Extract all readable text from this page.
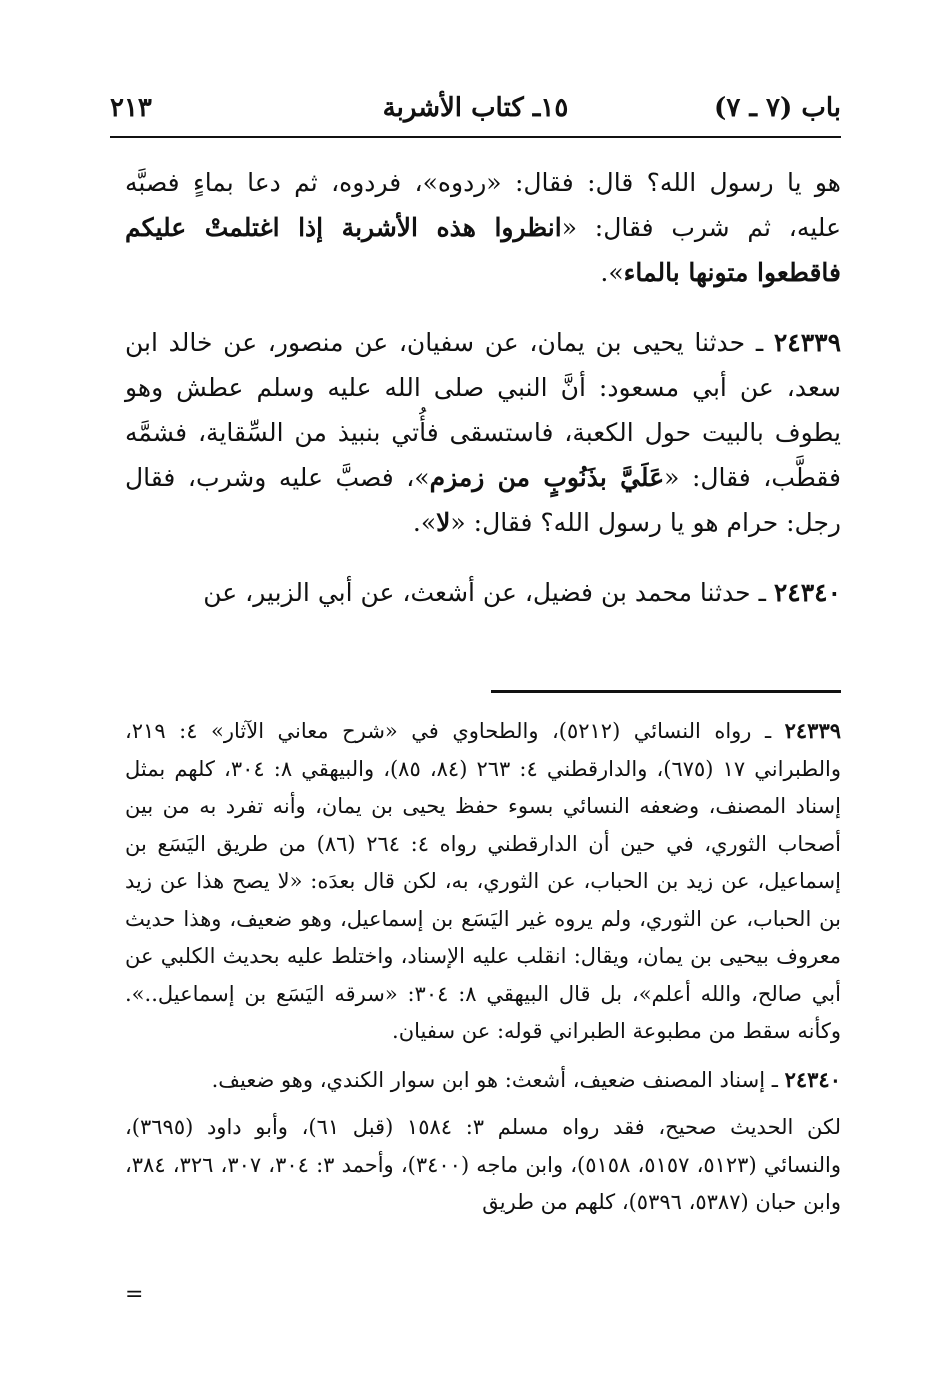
باب (٧ ـ ٧)
١٥ـ كتاب الأشربة
٢١٣

هو يا رسول الله؟ قال: فقال: «ردوه»، فردوه، ثم دعا بماءٍ فصبَّه عليه، ثم شرب فقال: «انظروا هذه الأشربة إذا اغتلمتْ عليكم فاقطعوا متونها بالماء».

٢٤٣٣٩ ـ حدثنا يحيى بن يمان، عن سفيان، عن منصور، عن خالد ابن سعد، عن أبي مسعود: أنَّ النبي صلى الله عليه وسلم عطش وهو يطوف بالبيت حول الكعبة، فاستسقى فأُتي بنبيذ من السِّقاية، فشمَّه فقطَّب، فقال: «عَلَيَّ بذَنُوبٍ من زمزم»، فصبَّ عليه وشرب، فقال رجل: حرام هو يا رسول الله؟ فقال: «لا».

٢٤٣٤٠ ـ حدثنا محمد بن فضيل، عن أشعث، عن أبي الزبير، عن

٢٤٣٣٩ ـ رواه النسائي (٥٢١٢)، والطحاوي في «شرح معاني الآثار» ٤: ٢١٩، والطبراني ١٧ (٦٧٥)، والدارقطني ٤: ٢٦٣ (٨٤، ٨٥)، والبيهقي ٨: ٣٠٤، كلهم بمثل إسناد المصنف، وضعفه النسائي بسوء حفظ يحيى بن يمان، وأنه تفرد به من بين أصحاب الثوري، في حين أن الدارقطني رواه ٤: ٢٦٤ (٨٦) من طريق اليَسَع بن إسماعيل، عن زيد بن الحباب، عن الثوري، به، لكن قال بعدَه: «لا يصح هذا عن زيد بن الحباب، عن الثوري، ولم يروه غير اليَسَع بن إسماعيل، وهو ضعيف، وهذا حديث معروف بيحيى بن يمان، ويقال: انقلب عليه الإسناد، واختلط عليه بحديث الكلبي عن أبي صالح، والله أعلم»، بل قال البيهقي ٨: ٣٠٤: «سرقه اليَسَع بن إسماعيل..». وكأنه سقط من مطبوعة الطبراني قوله: عن سفيان.

٢٤٣٤٠ ـ إسناد المصنف ضعيف، أشعث: هو ابن سوار الكندي، وهو ضعيف.

لكن الحديث صحيح، فقد رواه مسلم ٣: ١٥٨٤ (قبل ٦١)، وأبو داود (٣٦٩٥)، والنسائي (٥١٢٣، ٥١٥٧، ٥١٥٨)، وابن ماجه (٣٤٠٠)، وأحمد ٣: ٣٠٤، ٣٠٧، ٣٢٦، ٣٨٤، وابن حبان (٥٣٨٧، ٥٣٩٦)، كلهم من طريق

=
